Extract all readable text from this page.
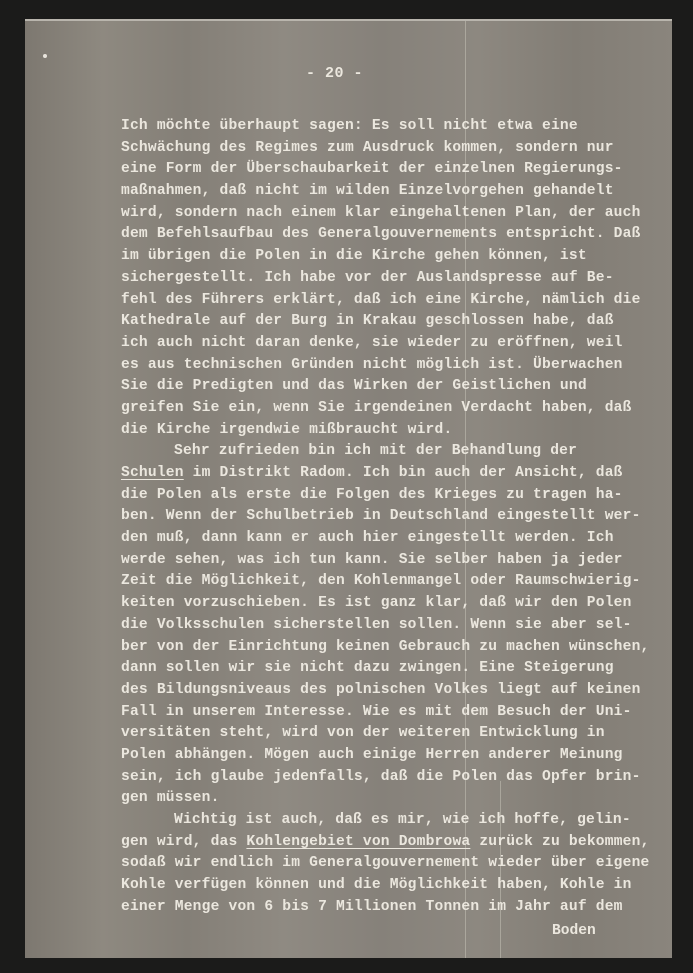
- 20 -
Ich möchte überhaupt sagen: Es soll nicht etwa eine
Schwächung des Regimes zum Ausdruck kommen, sondern nur
eine Form der Überschaubarkeit der einzelnen Regierungs-
maßnahmen, daß nicht im wilden Einzelvorgehen gehandelt
wird, sondern nach einem klar eingehaltenen Plan, der auch
dem Befehlsaufbau des Generalgouvernements entspricht. Daß
im übrigen die Polen in die Kirche gehen können, ist
sichergestellt. Ich habe vor der Auslandspresse auf Be-
fehl des Führers erklärt, daß ich eine Kirche, nämlich die
Kathedrale auf der Burg in Krakau geschlossen habe, daß
ich auch nicht daran denke, sie wieder zu eröffnen, weil
es aus technischen Gründen nicht möglich ist. Überwachen
Sie die Predigten und das Wirken der Geistlichen und
greifen Sie ein, wenn Sie irgendeinen Verdacht haben, daß
die Kirche irgendwie mißbraucht wird.
Sehr zufrieden bin ich mit der Behandlung der
Schulen im Distrikt Radom. Ich bin auch der Ansicht, daß
die Polen als erste die Folgen des Krieges zu tragen ha-
ben. Wenn der Schulbetrieb in Deutschland eingestellt wer-
den muß, dann kann er auch hier eingestellt werden. Ich
werde sehen, was ich tun kann. Sie selber haben ja jeder
Zeit die Möglichkeit, den Kohlenmangel oder Raumschwierig-
keiten vorzuschieben. Es ist ganz klar, daß wir den Polen
die Volksschulen sicherstellen sollen. Wenn sie aber sel-
ber von der Einrichtung keinen Gebrauch zu machen wünschen,
dann sollen wir sie nicht dazu zwingen. Eine Steigerung
des Bildungsniveaus des polnischen Volkes liegt auf keinen
Fall in unserem Interesse. Wie es mit dem Besuch der Uni-
versitäten steht, wird von der weiteren Entwicklung in
Polen abhängen. Mögen auch einige Herren anderer Meinung
sein, ich glaube jedenfalls, daß die Polen das Opfer brin-
gen müssen.
Wichtig ist auch, daß es mir, wie ich hoffe, gelin-
gen wird, das Kohlengebiet von Dombrowa zurück zu bekommen,
sodaß wir endlich im Generalgouvernement wieder über eigene
Kohle verfügen können und die Möglichkeit haben, Kohle in
einer Menge von 6 bis 7 Millionen Tonnen im Jahr auf dem
Boden
